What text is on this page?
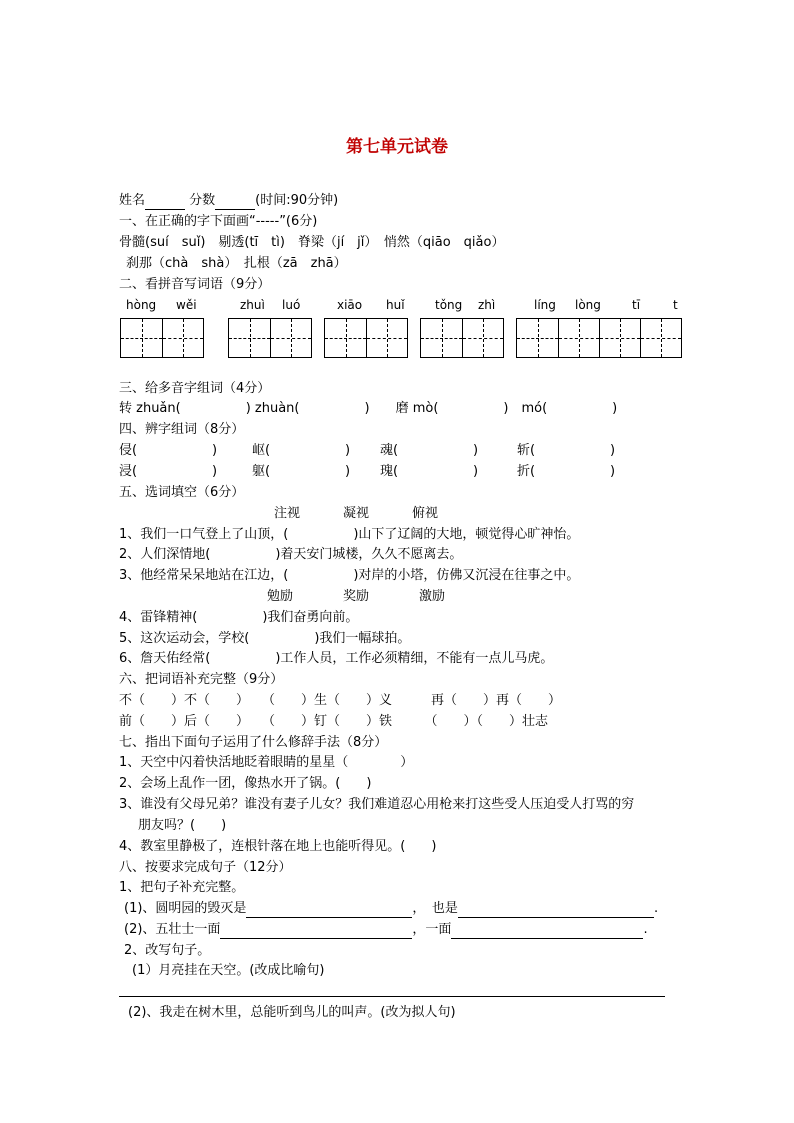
第七单元试卷
姓名	分数	(时间:90分钟)
一、在正确的字下面画“-----”(6分)
骨髓(suí　suǐ)　剔透(tī　tì)　脊梁（jí　jǐ）　悄然（qiāo　qiǎo）
刹那（chà　shà）　扎根（zā　zhā）
二、看拼音写词语（9分）
hòng wěi	zhuì luó	xiāo huǐ	tǒng zhì	líng lòng	tī	t
三、给多音字组词（4分）
转 zhuǎn(　　　　　) zhuàn(　　　　　)　　磨 mò(　　　　　)　mó(　　　　　)
四、辨字组词（8分）
侵(	)	岖(	) 魂(	)	斩(	)
浸(	)	躯(	) 瑰(	)	折(	)
五、选词填空（6分）
注视	凝视	俯视
1、我们一口气登上了山顶，(　　　　　)山下了辽阔的大地，顿觉得心旷神怡。
2、人们深情地(　　　　　)着天安门城楼，久久不愿离去。
3、他经常呆呆地站在江边，(　　　　　)对岸的小塔，仿佛又沉浸在往事之中。
勉励	奖励	激励
4、雷锋精神(　　　　　)我们奋勇向前。
5、这次运动会，学校(　　　　　)我们一幅球拍。
6、詹天佑经常(　　　　　)工作人员，工作必须精细，不能有一点儿马虎。
六、把词语补充完整（9分）
不（　　）不（　　）　　（　　）生（　　）义　　　再（　　）再（　　）
前（　　）后（　　）　　（　　）钉（　　）铁　　　（　　）（　　）壮志
七、指出下面句子运用了什么修辞手法（8分）
1、天空中闪着快活地眨着眼睛的星星（　　　　）
2、会场上乱作一团，像热水开了锅。(　　)
3、谁没有父母兄弟？谁没有妻子儿女？我们难道忍心用枪来打这些受人压迫受人打骂的穷
朋友吗？(　　)
4、教室里静极了，连根针落在地上也能听得见。(　　)
八、按要求完成句子（12分）
1、把句子补充完整。
(1)、圆明园的毁灭是	，　也是	.
(2)、五壮士一面	，一面	.
2、改写句子。
(1）月亮挂在天空。(改成比喻句)
(2)、我走在树木里，总能听到鸟儿的叫声。(改为拟人句)
